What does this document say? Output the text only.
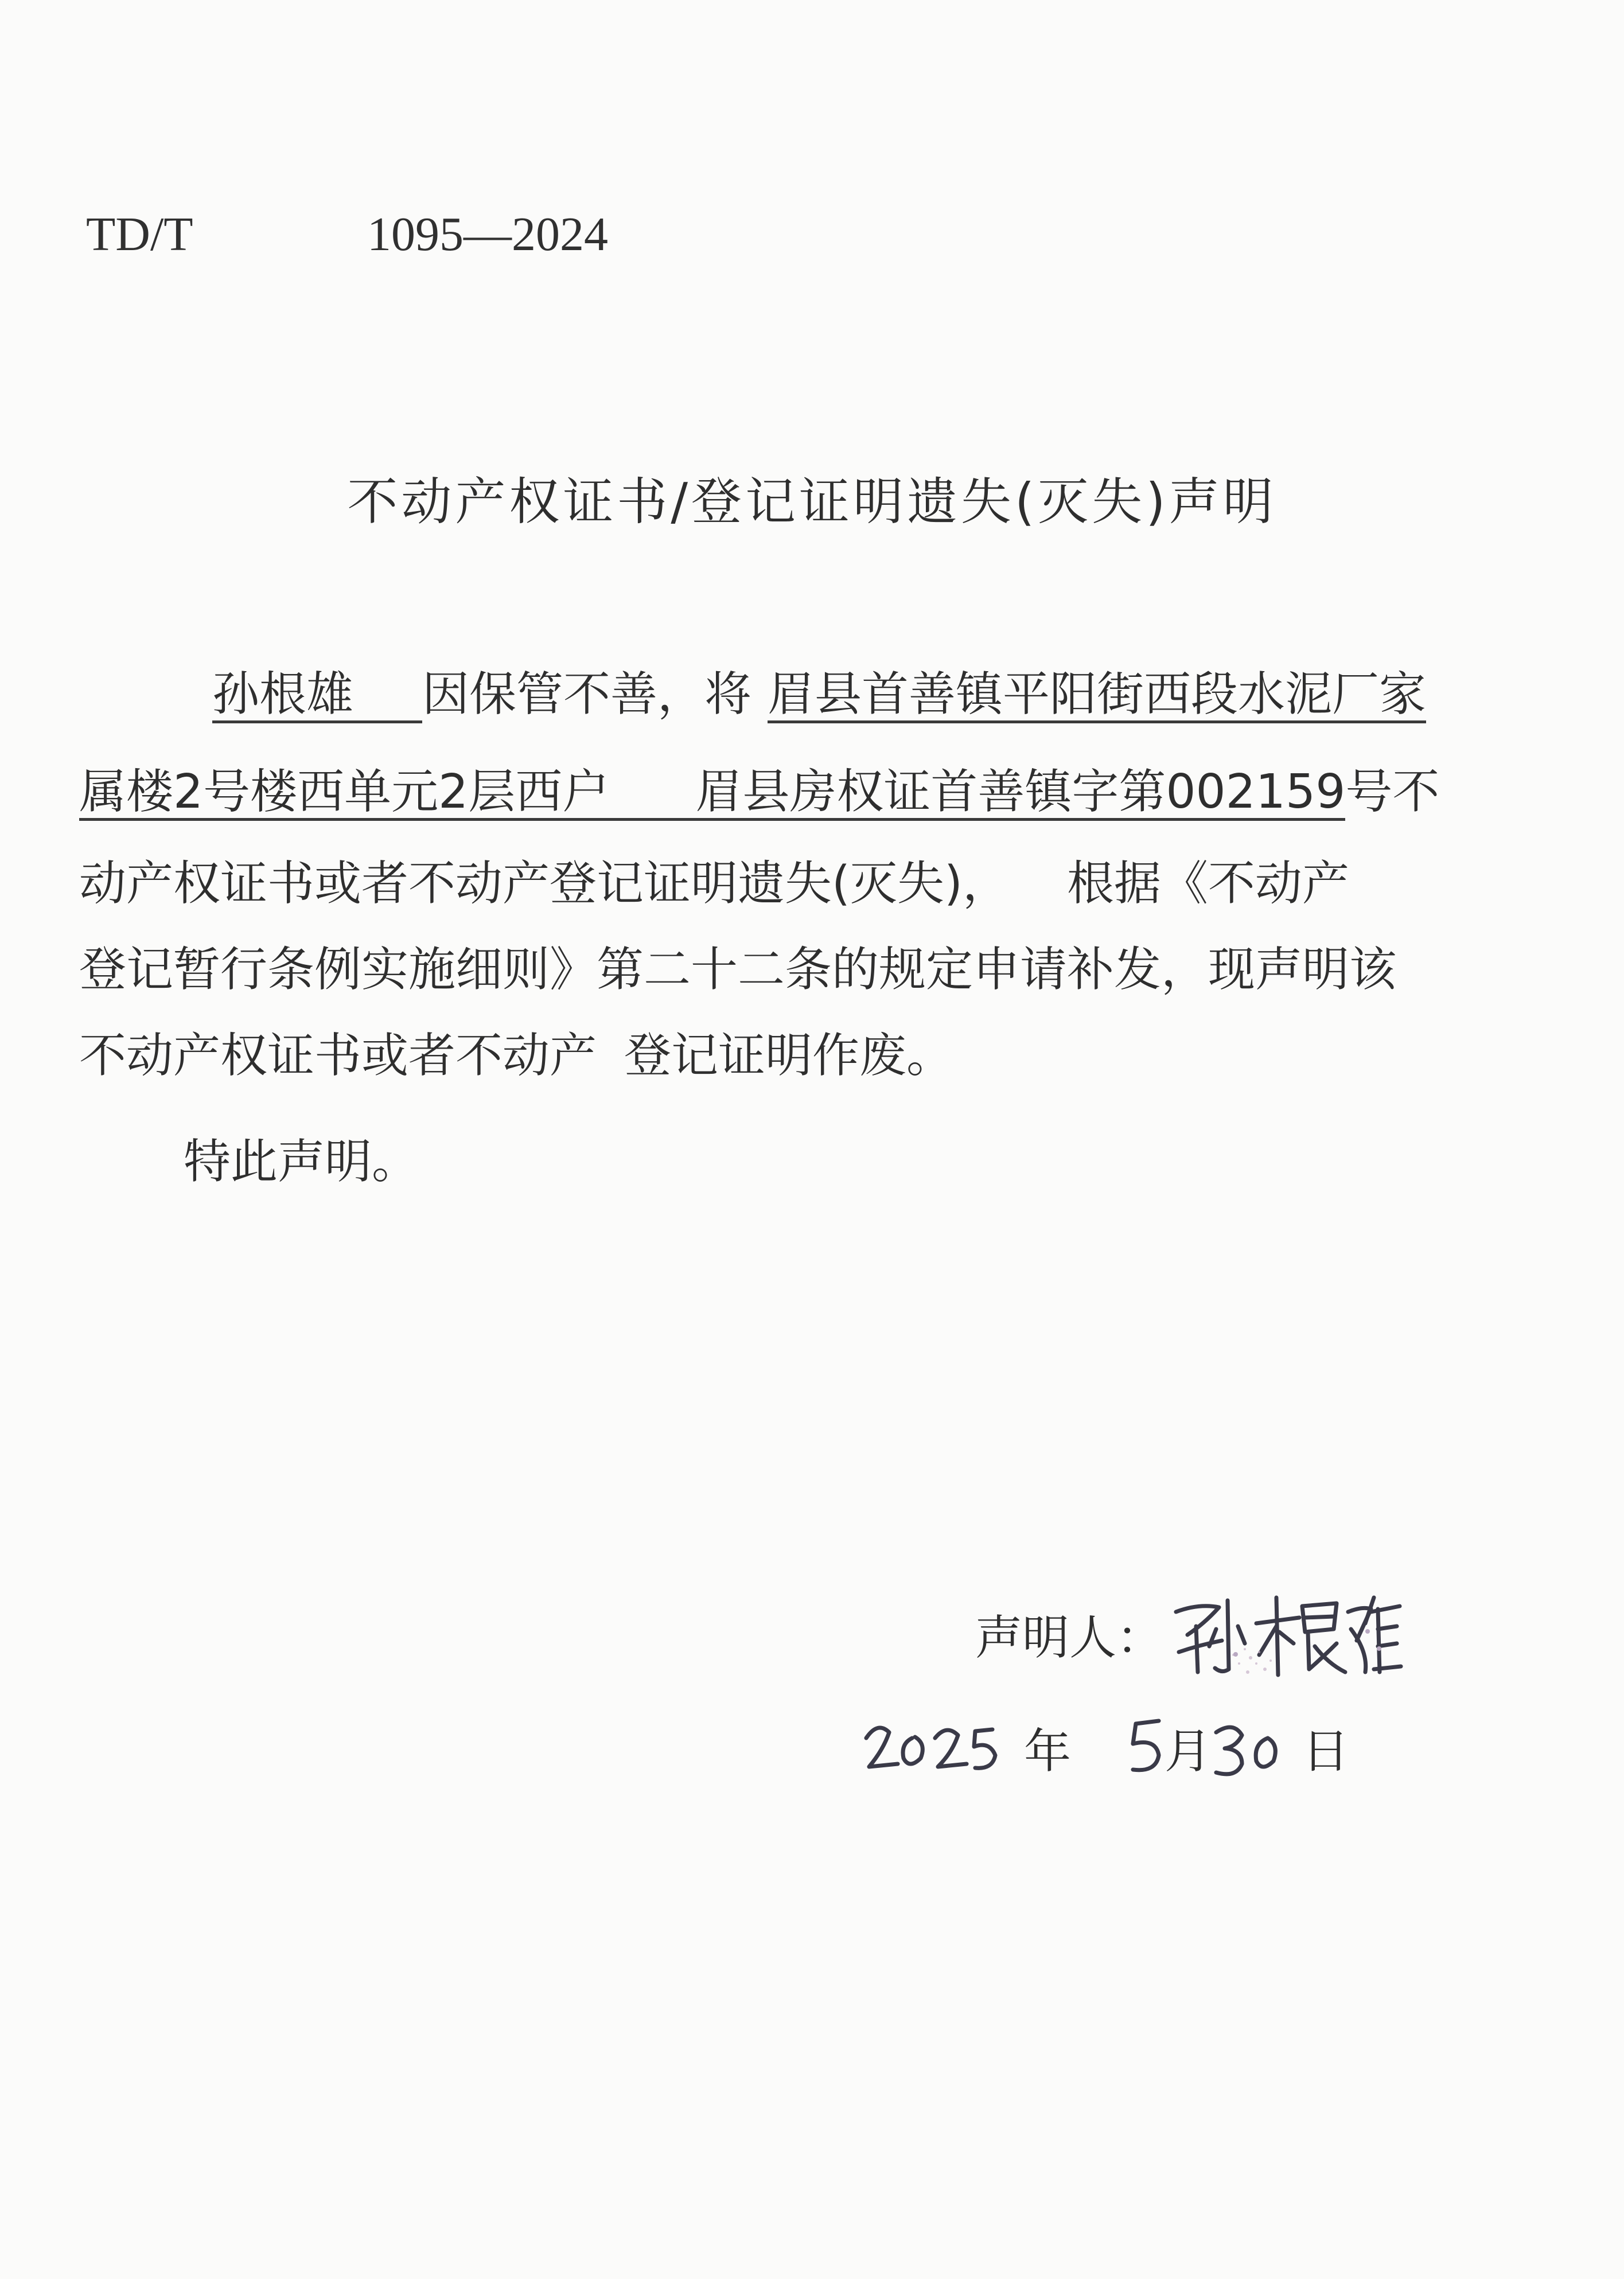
TD/T	1095—2024
不动产权证书/登记证明遗失(灭失)声明
孙根雄 因保管不善，将 眉县首善镇平阳街西段水泥厂家
属楼2号楼西单元2层西户 眉县房权证首善镇字第002159号不
动产权证书或者不动产登记证明遗失(灭失)， 根据《不动产
登记暂行条例实施细则》第二十二条的规定申请补发，现声明该
不动产权证书或者不动产 登记证明作废。
特此声明。
声明人：
年 月 日
